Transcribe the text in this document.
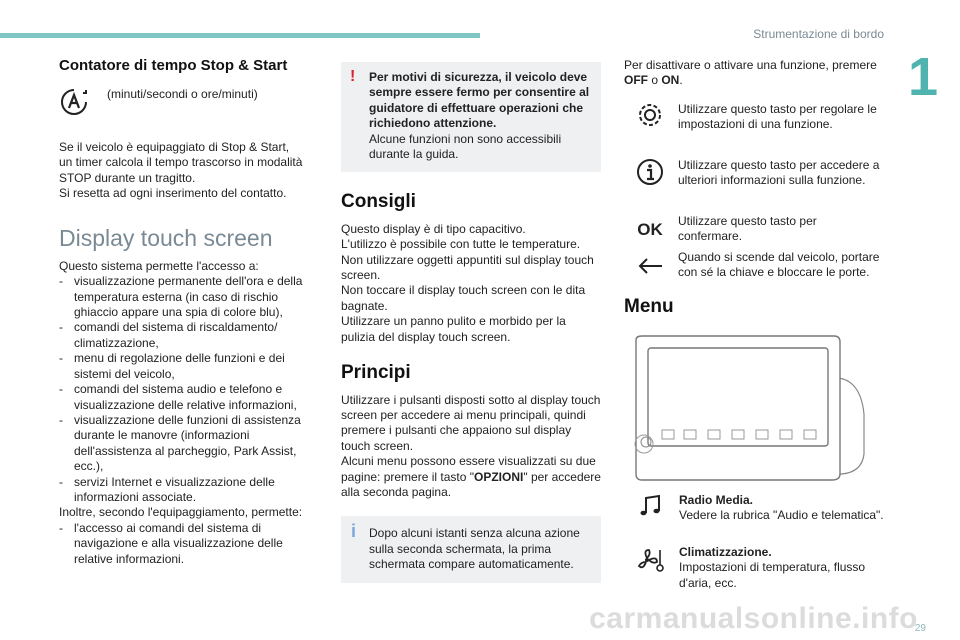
Strumentazione di bordo
1
Contatore di tempo Stop & Start
(minuti/secondi o ore/minuti)

Se il veicolo è equipaggiato di Stop & Start,

un timer calcola il tempo trascorso in modalità

STOP durante un tragitto.

Si resetta ad ogni inserimento del contatto.

Display touch screen

Questo sistema permette l'accesso a:

- visualizzazione permanente dell'ora e della temperatura esterna (in caso di rischio ghiaccio appare una spia di colore blu),
- comandi del sistema di riscaldamento/ climatizzazione,
- menu di regolazione delle funzioni e dei sistemi del veicolo,
- comandi del sistema audio e telefono e visualizzazione delle relative informazioni,
- visualizzazione delle funzioni di assistenza durante le manovre (informazioni dell'assistenza al parcheggio, Park Assist, ecc.),
- servizi Internet e visualizzazione delle informazioni associate.

Inoltre, secondo l'equipaggiamento, permette:

- l'accesso ai comandi del sistema di navigazione e alla visualizzazione delle relative informazioni.
! Per motivi di sicurezza, il veicolo deve sempre essere fermo per consentire al guidatore di effettuare operazioni che richiedono attenzione.

Alcune funzioni non sono accessibili durante la guida.

Consigli

Questo display è di tipo capacitivo.

L'utilizzo è possibile con tutte le temperature.

Non utilizzare oggetti appuntiti sul display touch screen.

Non toccare il display touch screen con le dita bagnate.

Utilizzare un panno pulito e morbido per la pulizia del display touch screen.

Principi

Utilizzare i pulsanti disposti sotto al display touch screen per accedere ai menu principali, quindi premere i pulsanti che appaiono sul display touch screen.

Alcuni menu possono essere visualizzati su due pagine: premere il tasto "OPZIONI" per accedere alla seconda pagina.

i Dopo alcuni istanti senza alcuna azione sulla seconda schermata, la prima schermata compare automaticamente.

Per disattivare o attivare una funzione, premere OFF o ON.

Utilizzare questo tasto per regolare le impostazioni di una funzione.
Utilizzare questo tasto per accedere a ulteriori informazioni sulla funzione.
OK	Utilizzare questo tasto per confermare.
Quando si scende dal veicolo, portare con sé la chiave e bloccare le porte.
Menu
Radio Media.
Vedere la rubrica "Audio e telematica".
Climatizzazione.
Impostazioni di temperatura, flusso d'aria, ecc.
carmanualsonline.info
29
